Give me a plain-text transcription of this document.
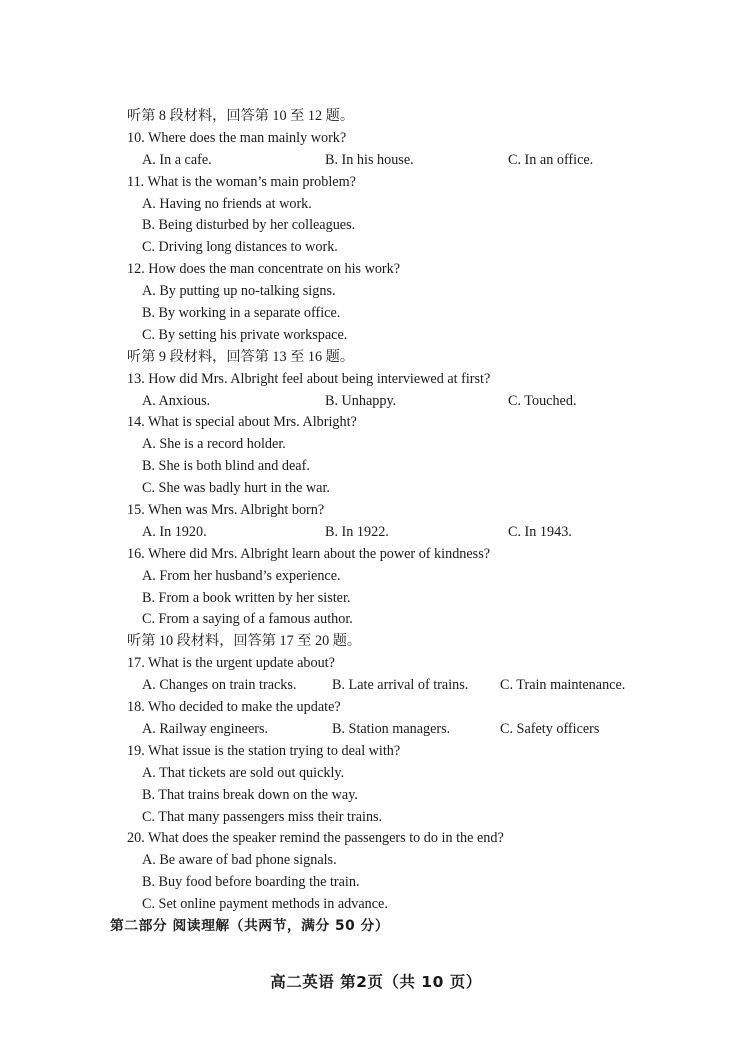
听第 8 段材料，回答第 10 至 12 题。
10. Where does the man mainly work?
A. In a cafe.	B. In his house.	C. In an office.
11. What is the woman’s main problem?
A. Having no friends at work.
B. Being disturbed by her colleagues.
C. Driving long distances to work.
12. How does the man concentrate on his work?
A. By putting up no-talking signs.
B. By working in a separate office.
C. By setting his private workspace.
听第 9 段材料，回答第 13 至 16 题。
13. How did Mrs. Albright feel about being interviewed at first?
A. Anxious.	B. Unhappy.	C. Touched.
14. What is special about Mrs. Albright?
A. She is a record holder.
B. She is both blind and deaf.
C. She was badly hurt in the war.
15. When was Mrs. Albright born?
A. In 1920.	B. In 1922.	C. In 1943.
16. Where did Mrs. Albright learn about the power of kindness?
A. From her husband’s experience.
B. From a book written by her sister.
C. From a saying of a famous author.
听第 10 段材料，回答第 17 至 20 题。
17. What is the urgent update about?
A. Changes on train tracks.	B. Late arrival of trains.	C. Train maintenance.
18. Who decided to make the update?
A. Railway engineers.	B. Station managers.	C. Safety officers
19. What issue is the station trying to deal with?
A. That tickets are sold out quickly.
B. That trains break down on the way.
C. That many passengers miss their trains.
20. What does the speaker remind the passengers to do in the end?
A. Be aware of bad phone signals.
B. Buy food before boarding the train.
C. Set online payment methods in advance.
第二部分 阅读理解（共两节，满分 50 分）
高二英语 第2页（共 10 页）
